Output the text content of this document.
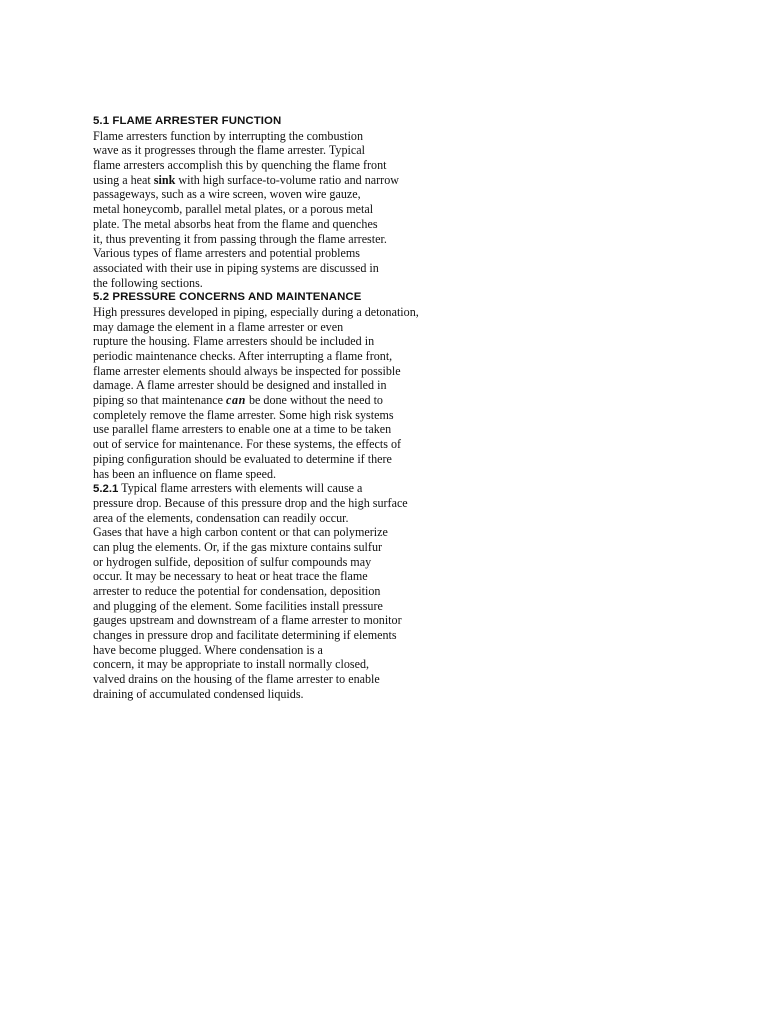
5.1 FLAME ARRESTER FUNCTION
Flame arresters function by interrupting the combustion
wave as it progresses through the flame arrester. Typical
flame arresters accomplish this by quenching the flame front
using a heat sink with high surface-to-volume ratio and narrow
passageways, such as a wire screen, woven wire gauze,
metal honeycomb, parallel metal plates, or a porous metal
plate. The metal absorbs heat from the flame and quenches
it, thus preventing it from passing through the flame arrester.
Various types of flame arresters and potential problems
associated with their use in piping systems are discussed in
the following sections.
5.2 PRESSURE CONCERNS AND MAINTENANCE
High pressures developed in piping, especially during a detonation,
may damage the element in a flame arrester or even
rupture the housing. Flame arresters should be included in
periodic maintenance checks. After interrupting a flame front,
flame arrester elements should always be inspected for possible
damage. A flame arrester should be designed and installed in
piping so that maintenance can be done without the need to
completely remove the flame arrester. Some high risk systems
use parallel flame arresters to enable one at a time to be taken
out of service for maintenance. For these systems, the effects of
piping conﬁguration should be evaluated to determine if there
has been an inﬂuence on flame speed.
5.2.1 Typical flame arresters with elements will cause a
pressure drop. Because of this pressure drop and the high surface
area of the elements, condensation can readily occur.
Gases that have a high carbon content or that can polymerize
can plug the elements. Or, if the gas mixture contains sulfur
or hydrogen sulfide, deposition of sulfur compounds may
occur. It may be necessary to heat or heat trace the flame
arrester to reduce the potential for condensation, deposition
and plugging of the element. Some facilities install pressure
gauges upstream and downstream of a flame arrester to monitor
changes in pressure drop and facilitate determining if elements
have become plugged. Where condensation is a
concern, it may be appropriate to install normally closed,
valved drains on the housing of the flame arrester to enable
draining of accumulated condensed liquids.
